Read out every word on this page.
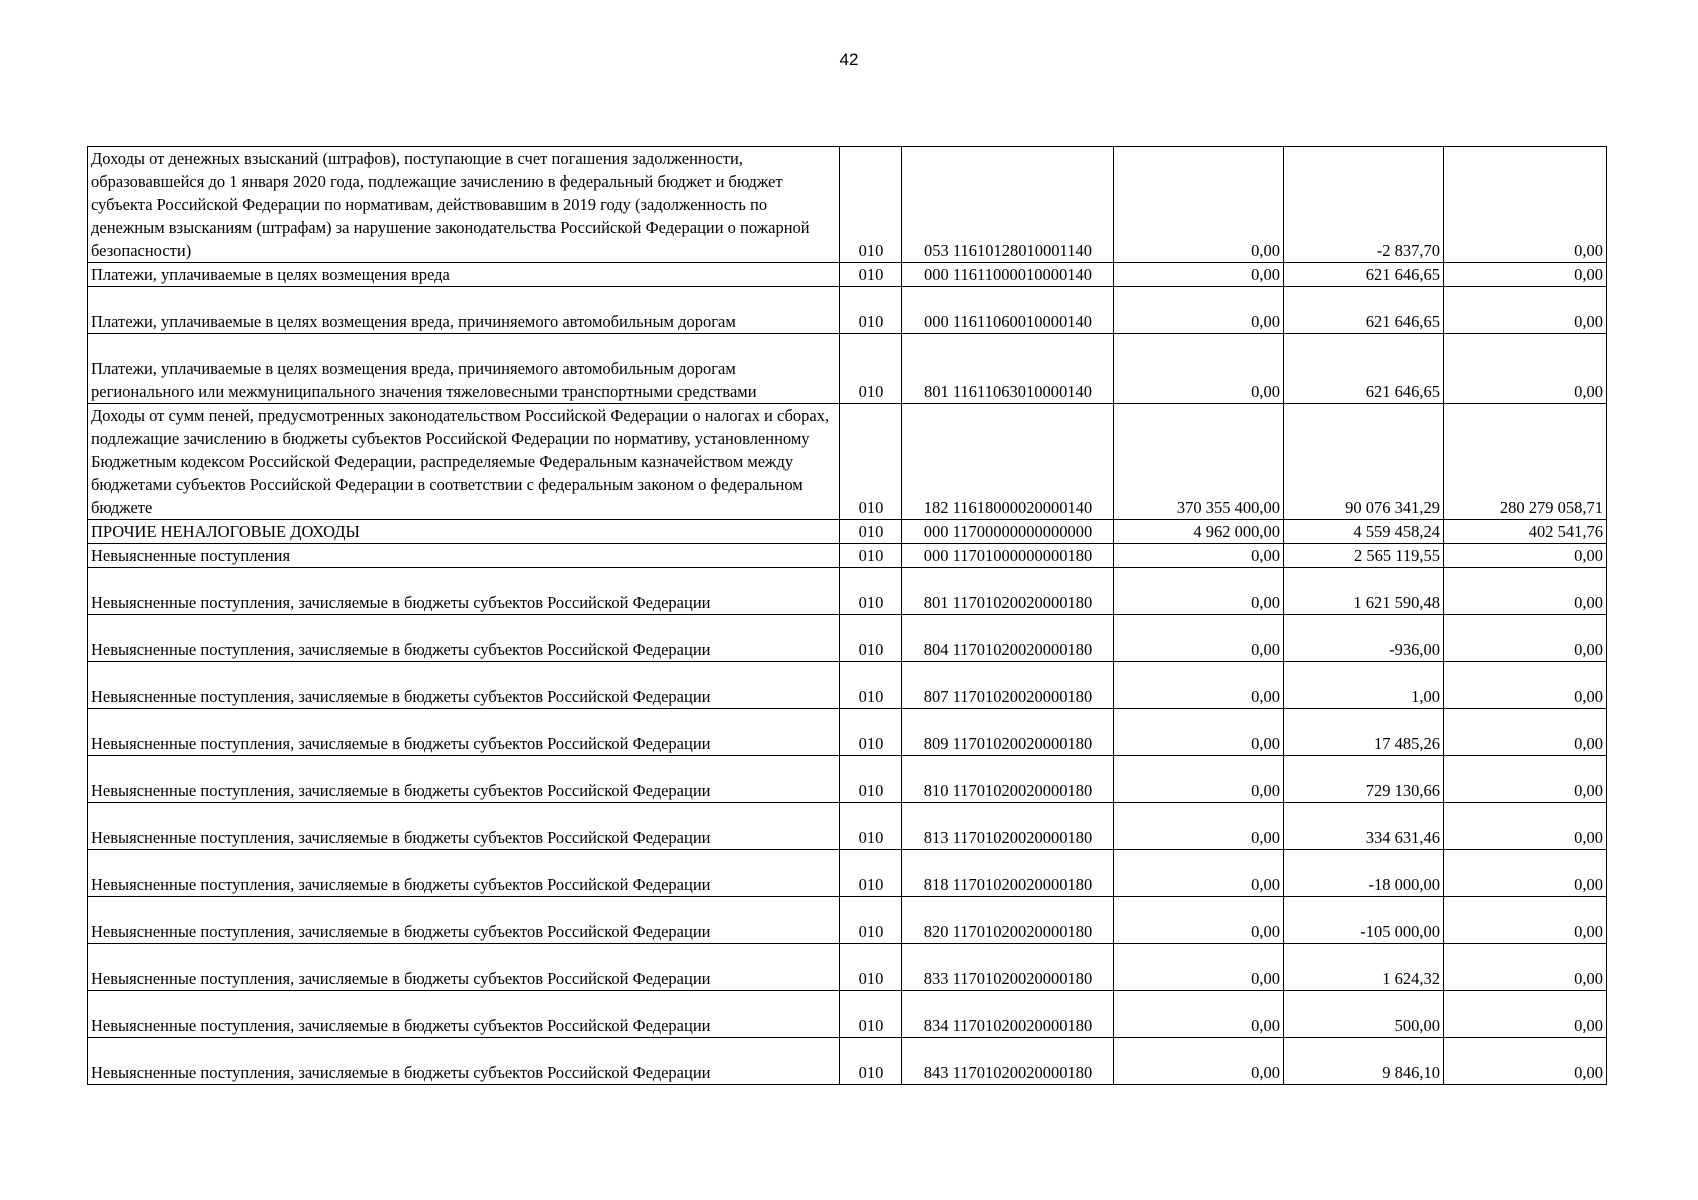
42
Доходы от денежных взысканий (штрафов), поступающие в счет погашения задолженности, образовавшейся до 1 января 2020 года, подлежащие зачислению в федеральный бюджет и бюджет субъекта Российской Федерации по нормативам, действовавшим в 2019 году (задолженность по денежным взысканиям (штрафам) за нарушение законодательства Российской Федерации о пожарной безопасности)	010	053 11610128010001140	0,00	-2 837,70	0,00
Платежи, уплачиваемые в целях возмещения вреда	010	000 11611000010000140	0,00	621 646,65	0,00
Платежи, уплачиваемые в целях возмещения вреда, причиняемого автомобильным дорогам	010	000 11611060010000140	0,00	621 646,65	0,00
Платежи, уплачиваемые в целях возмещения вреда, причиняемого автомобильным дорогам регионального или межмуниципального значения тяжеловесными транспортными средствами	010	801 11611063010000140	0,00	621 646,65	0,00
Доходы от сумм пеней, предусмотренных законодательством Российской Федерации о налогах и сборах, подлежащие зачислению в бюджеты субъектов Российской Федерации по нормативу, установленному Бюджетным кодексом Российской Федерации, распределяемые Федеральным казначейством между бюджетами субъектов Российской Федерации в соответствии с федеральным законом о федеральном бюджете	010	182 11618000020000140	370 355 400,00	90 076 341,29	280 279 058,71
ПРОЧИЕ НЕНАЛОГОВЫЕ ДОХОДЫ	010	000 11700000000000000	4 962 000,00	4 559 458,24	402 541,76
Невыясненные поступления	010	000 11701000000000180	0,00	2 565 119,55	0,00
Невыясненные поступления, зачисляемые в бюджеты субъектов Российской Федерации	010	801 11701020020000180	0,00	1 621 590,48	0,00
Невыясненные поступления, зачисляемые в бюджеты субъектов Российской Федерации	010	804 11701020020000180	0,00	-936,00	0,00
Невыясненные поступления, зачисляемые в бюджеты субъектов Российской Федерации	010	807 11701020020000180	0,00	1,00	0,00
Невыясненные поступления, зачисляемые в бюджеты субъектов Российской Федерации	010	809 11701020020000180	0,00	17 485,26	0,00
Невыясненные поступления, зачисляемые в бюджеты субъектов Российской Федерации	010	810 11701020020000180	0,00	729 130,66	0,00
Невыясненные поступления, зачисляемые в бюджеты субъектов Российской Федерации	010	813 11701020020000180	0,00	334 631,46	0,00
Невыясненные поступления, зачисляемые в бюджеты субъектов Российской Федерации	010	818 11701020020000180	0,00	-18 000,00	0,00
Невыясненные поступления, зачисляемые в бюджеты субъектов Российской Федерации	010	820 11701020020000180	0,00	-105 000,00	0,00
Невыясненные поступления, зачисляемые в бюджеты субъектов Российской Федерации	010	833 11701020020000180	0,00	1 624,32	0,00
Невыясненные поступления, зачисляемые в бюджеты субъектов Российской Федерации	010	834 11701020020000180	0,00	500,00	0,00
Невыясненные поступления, зачисляемые в бюджеты субъектов Российской Федерации	010	843 11701020020000180	0,00	9 846,10	0,00
